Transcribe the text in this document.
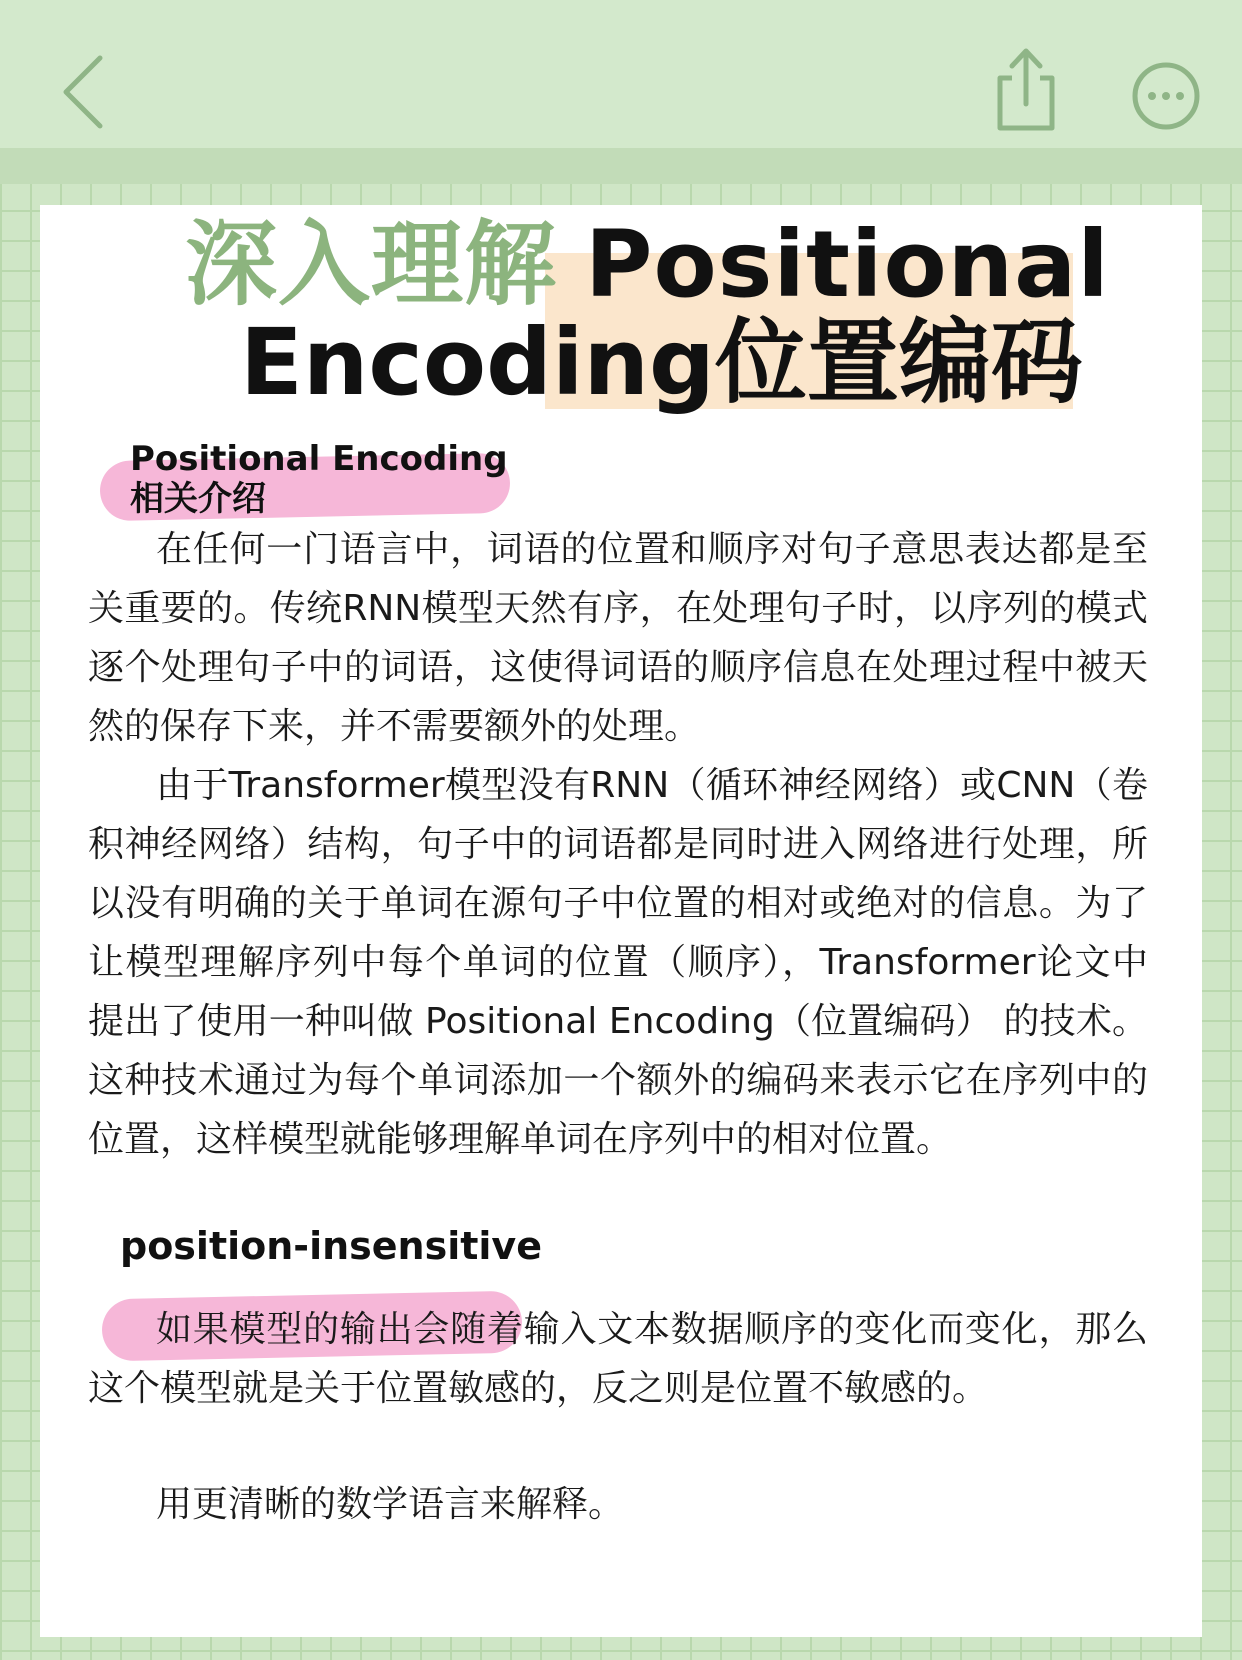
深入理解 Positional
Encoding位置编码
Positional Encoding
相关介绍

在任何一门语言中，词语的位置和顺序对句子意思表达都是至关重要的。传统RNN模型天然有序，在处理句子时，以序列的模式逐个处理句子中的词语，这使得词语的顺序信息在处理过程中被天然的保存下来，并不需要额外的处理。

由于Transformer模型没有RNN（循环神经网络）或CNN（卷积神经网络）结构，句子中的词语都是同时进入网络进行处理，所以没有明确的关于单词在源句子中位置的相对或绝对的信息。为了让模型理解序列中每个单词的位置（顺序），Transformer论文中提出了使用一种叫做 Positional Encoding（位置编码） 的技术。这种技术通过为每个单词添加一个额外的编码来表示它在序列中的位置，这样模型就能够理解单词在序列中的相对位置。

position-insensitive

如果模型的输出会随着输入文本数据顺序的变化而变化，那么这个模型就是关于位置敏感的，反之则是位置不敏感的。

用更清晰的数学语言来解释。
